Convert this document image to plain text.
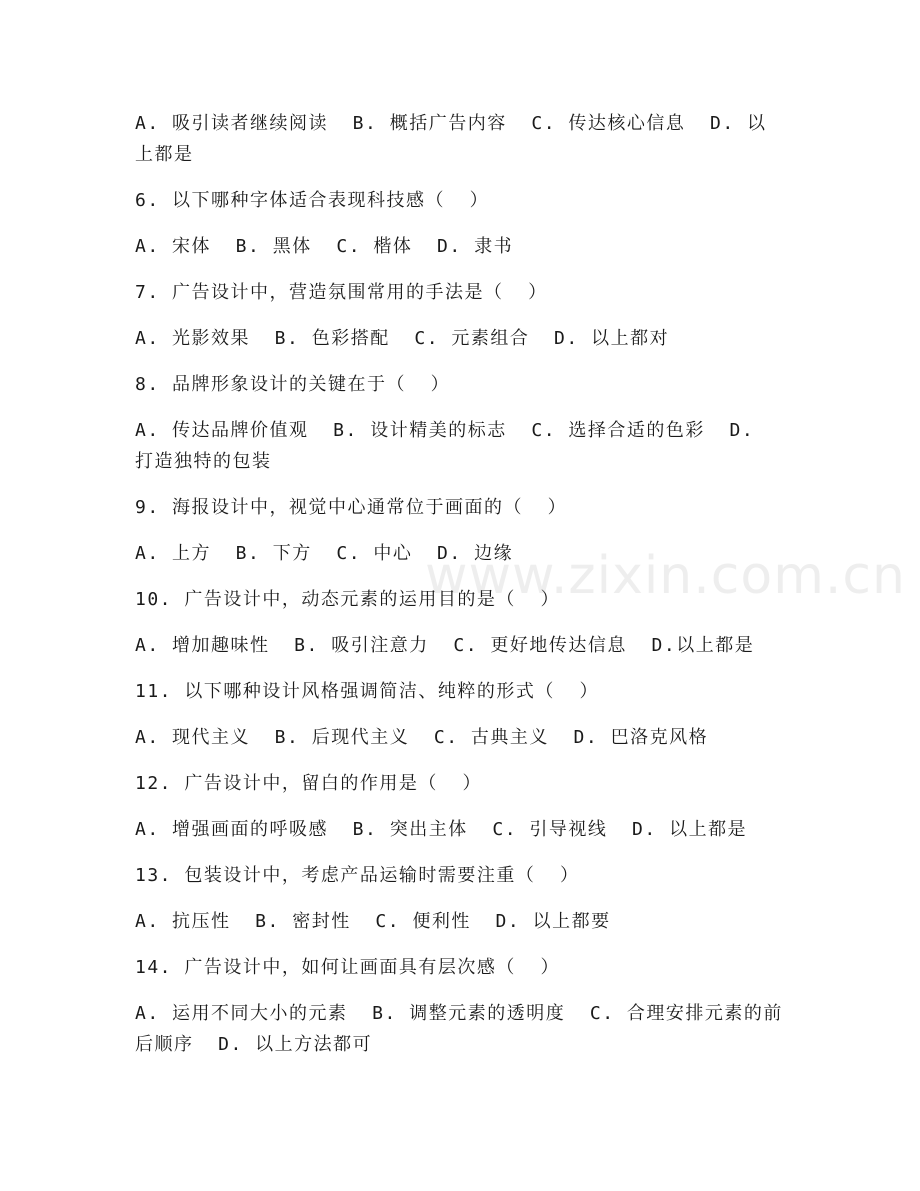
A. 吸引读者继续阅读  B. 概括广告内容  C. 传达核心信息  D. 以上都是
6. 以下哪种字体适合表现科技感（  ）
A. 宋体  B. 黑体  C. 楷体  D. 隶书
7. 广告设计中，营造氛围常用的手法是（  ）
A. 光影效果  B. 色彩搭配  C. 元素组合  D. 以上都对
8. 品牌形象设计的关键在于（  ）
A. 传达品牌价值观  B. 设计精美的标志  C. 选择合适的色彩  D. 打造独特的包装
9. 海报设计中，视觉中心通常位于画面的（  ）
A. 上方  B. 下方  C. 中心  D. 边缘
10. 广告设计中，动态元素的运用目的是（  ）
A. 增加趣味性  B. 吸引注意力  C. 更好地传达信息  D.以上都是
11. 以下哪种设计风格强调简洁、纯粹的形式（  ）
A. 现代主义  B. 后现代主义  C. 古典主义  D. 巴洛克风格
12. 广告设计中，留白的作用是（  ）
A. 增强画面的呼吸感  B. 突出主体  C. 引导视线  D. 以上都是
13. 包装设计中，考虑产品运输时需要注重（  ）
A. 抗压性  B. 密封性  C. 便利性  D. 以上都要
14. 广告设计中，如何让画面具有层次感（  ）
A. 运用不同大小的元素  B. 调整元素的透明度  C. 合理安排元素的前后顺序  D. 以上方法都可
www.zixin.com.cn
